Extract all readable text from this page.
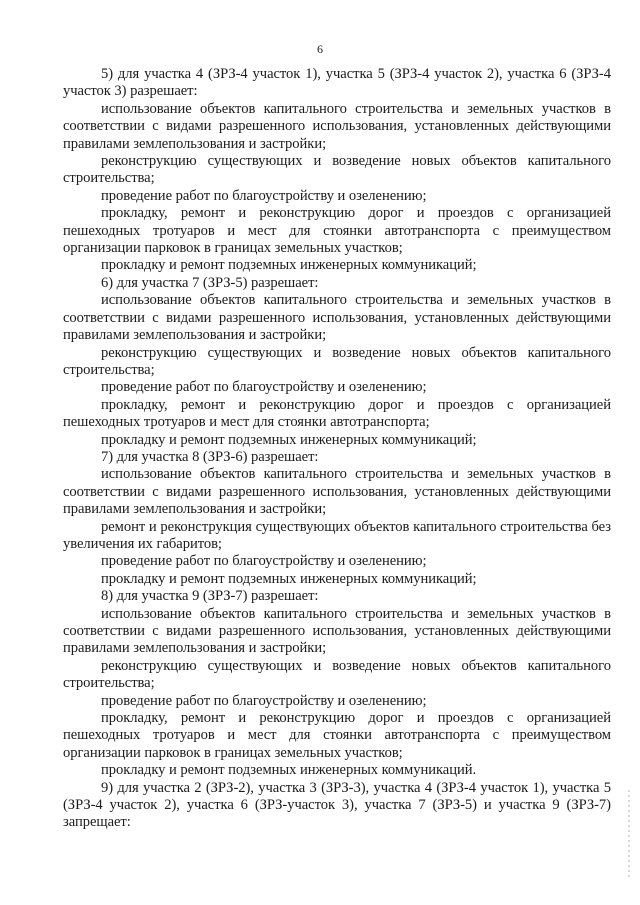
6

5) для участка 4 (ЗРЗ-4 участок 1), участка 5 (ЗРЗ-4 участок 2), участка 6 (ЗРЗ-4 участок 3) разрешает:

использование объектов капитального строительства и земельных участков в соответствии с видами разрешенного использования, установленных действующими правилами землепользования и застройки;

реконструкцию существующих и возведение новых объектов капитального строительства;

проведение работ по благоустройству и озеленению;

прокладку, ремонт и реконструкцию дорог и проездов с организацией пешеходных тротуаров и мест для стоянки автотранспорта с преимуществом организации парковок в границах земельных участков;

прокладку и ремонт подземных инженерных коммуникаций;

6) для участка 7 (ЗРЗ-5) разрешает:

использование объектов капитального строительства и земельных участков в соответствии с видами разрешенного использования, установленных действующими правилами землепользования и застройки;

реконструкцию существующих и возведение новых объектов капитального строительства;

проведение работ по благоустройству и озеленению;

прокладку, ремонт и реконструкцию дорог и проездов с организацией пешеходных тротуаров и мест для стоянки автотранспорта;

прокладку и ремонт подземных инженерных коммуникаций;

7) для участка 8 (ЗРЗ-6) разрешает:

использование объектов капитального строительства и земельных участков в соответствии с видами разрешенного использования, установленных действующими правилами землепользования и застройки;

ремонт и реконструкция существующих объектов капитального строительства без увеличения их габаритов;

проведение работ по благоустройству и озеленению;

прокладку и ремонт подземных инженерных коммуникаций;

8) для участка 9 (ЗРЗ-7) разрешает:

использование объектов капитального строительства и земельных участков в соответствии с видами разрешенного использования, установленных действующими правилами землепользования и застройки;

реконструкцию существующих и возведение новых объектов капитального строительства;

проведение работ по благоустройству и озеленению;

прокладку, ремонт и реконструкцию дорог и проездов с организацией пешеходных тротуаров и мест для стоянки автотранспорта с преимуществом организации парковок в границах земельных участков;

прокладку и ремонт подземных инженерных коммуникаций.

9) для участка 2 (ЗРЗ-2), участка 3 (ЗРЗ-3), участка 4 (ЗРЗ-4 участок 1), участка 5 (ЗРЗ-4 участок 2), участка 6 (ЗРЗ-участок 3), участка 7 (ЗРЗ-5) и участка 9 (ЗРЗ-7) запрещает:
